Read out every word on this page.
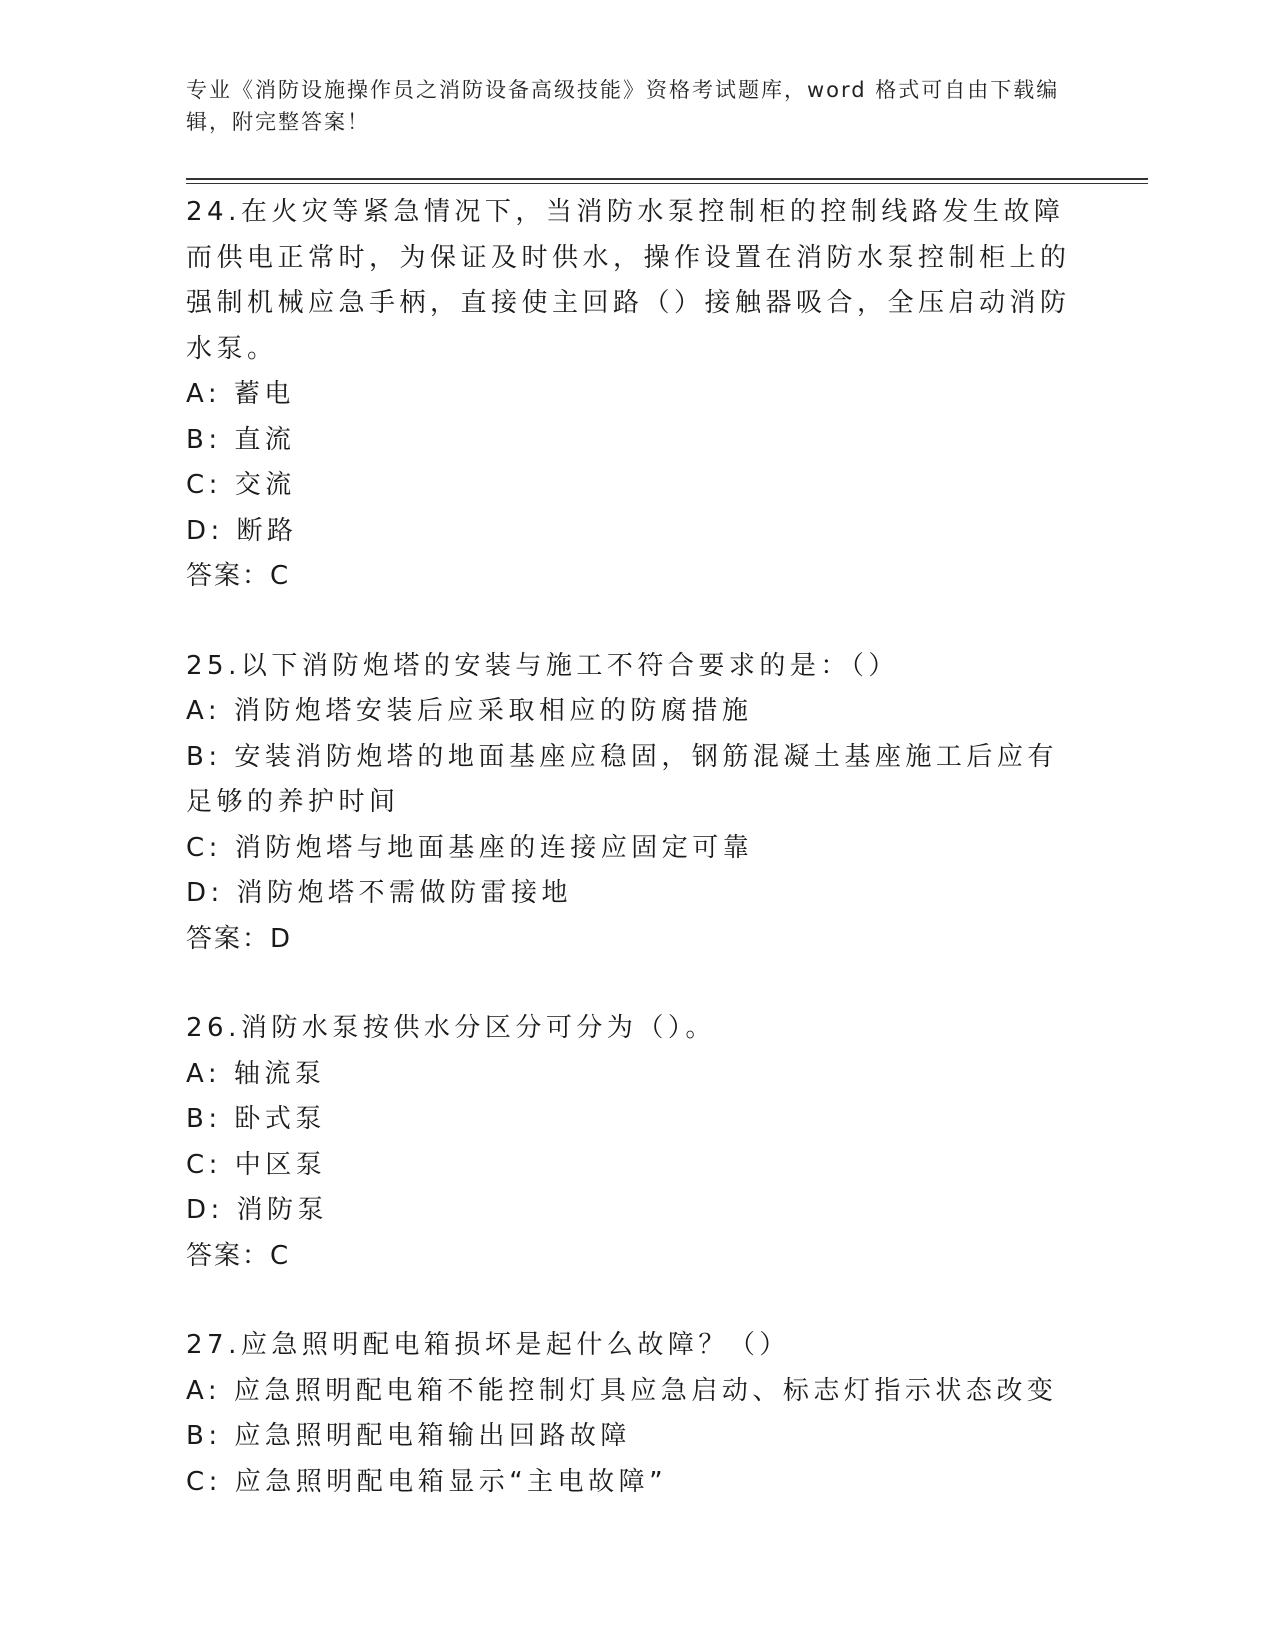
专业《消防设施操作员之消防设备高级技能》资格考试题库，word 格式可自由下载编辑，附完整答案！
24.在火灾等紧急情况下，当消防水泵控制柜的控制线路发生故障而供电正常时，为保证及时供水，操作设置在消防水泵控制柜上的强制机械应急手柄，直接使主回路（）接触器吸合，全压启动消防水泵。
A: 蓄电
B: 直流
C: 交流
D: 断路
答案：C
25.以下消防炮塔的安装与施工不符合要求的是：（）
A: 消防炮塔安装后应采取相应的防腐措施
B: 安装消防炮塔的地面基座应稳固，钢筋混凝土基座施工后应有足够的养护时间
C: 消防炮塔与地面基座的连接应固定可靠
D: 消防炮塔不需做防雷接地
答案：D
26.消防水泵按供水分区分可分为（）。
A: 轴流泵
B: 卧式泵
C: 中区泵
D: 消防泵
答案：C
27.应急照明配电箱损坏是起什么故障？（）
A: 应急照明配电箱不能控制灯具应急启动、标志灯指示状态改变
B: 应急照明配电箱输出回路故障
C: 应急照明配电箱显示“主电故障”
